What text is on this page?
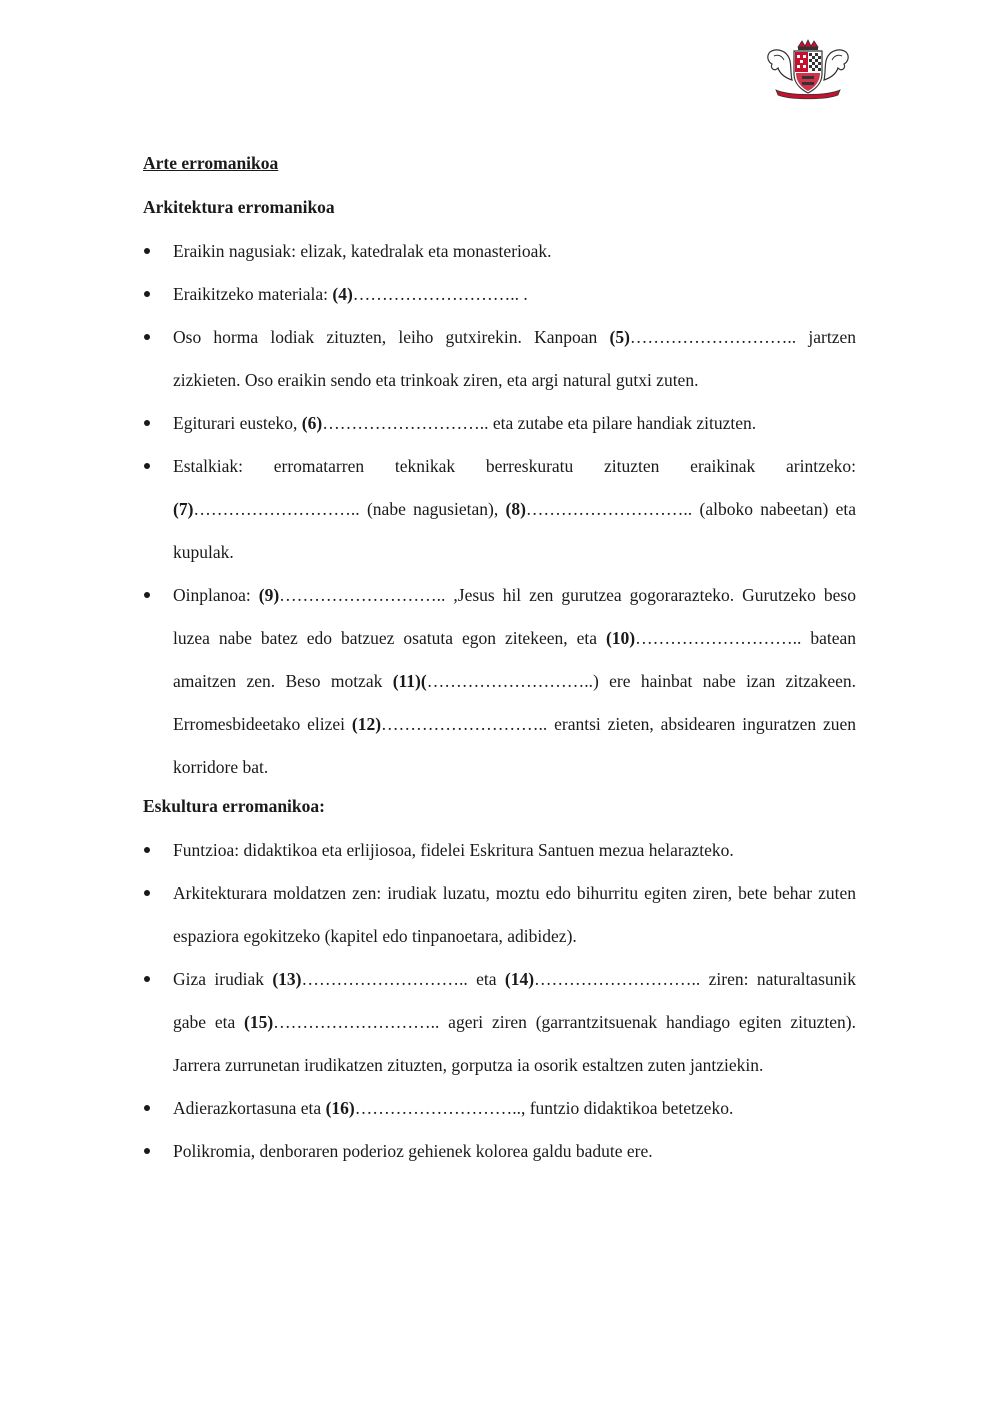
Arte erromanikoa

Arkitektura erromanikoa

Eraikin nagusiak: elizak, katedralak eta monasterioak.
Eraikitzeko materiala: (4)……………………….. .
Oso horma lodiak zituzten, leiho gutxirekin. Kanpoan (5)……………………….. jartzen zizkieten. Oso eraikin sendo eta trinkoak ziren, eta argi natural gutxi zuten.
Egiturari eusteko, (6)……………………….. eta zutabe eta pilare handiak zituzten.
Estalkiak: erromatarren teknikak berreskuratu zituzten eraikinak arintzeko: (7)……………………….. (nabe nagusietan), (8)……………………….. (alboko nabeetan) eta kupulak.
Oinplanoa: (9)……………………….. ,Jesus hil zen gurutzea gogorarazteko. Gurutzeko beso luzea nabe batez edo batzuez osatuta egon zitekeen, eta (10)……………………….. batean amaitzen zen. Beso motzak (11)(………………………..) ere hainbat nabe izan zitzakeen. Erromesbideetako elizei (12)……………………….. erantsi zieten, absidearen inguratzen zuen korridore bat.

Eskultura erromanikoa:

Funtzioa: didaktikoa eta erlijiosoa, fidelei Eskritura Santuen mezua helarazteko.
Arkitekturara moldatzen zen: irudiak luzatu, moztu edo bihurritu egiten ziren, bete behar zuten espaziora egokitzeko (kapitel edo tinpanoetara, adibidez).
Giza irudiak (13)……………………….. eta (14)……………………….. ziren: naturaltasunik gabe eta (15)……………………….. ageri ziren (garrantzitsuenak handiago egiten zituzten). Jarrera zurrunetan irudikatzen zituzten, gorputza ia osorik estaltzen zuten jantziekin.
Adierazkortasuna eta (16)……………………….., funtzio didaktikoa betetzeko.
Polikromia, denboraren poderioz gehienek kolorea galdu badute ere.
